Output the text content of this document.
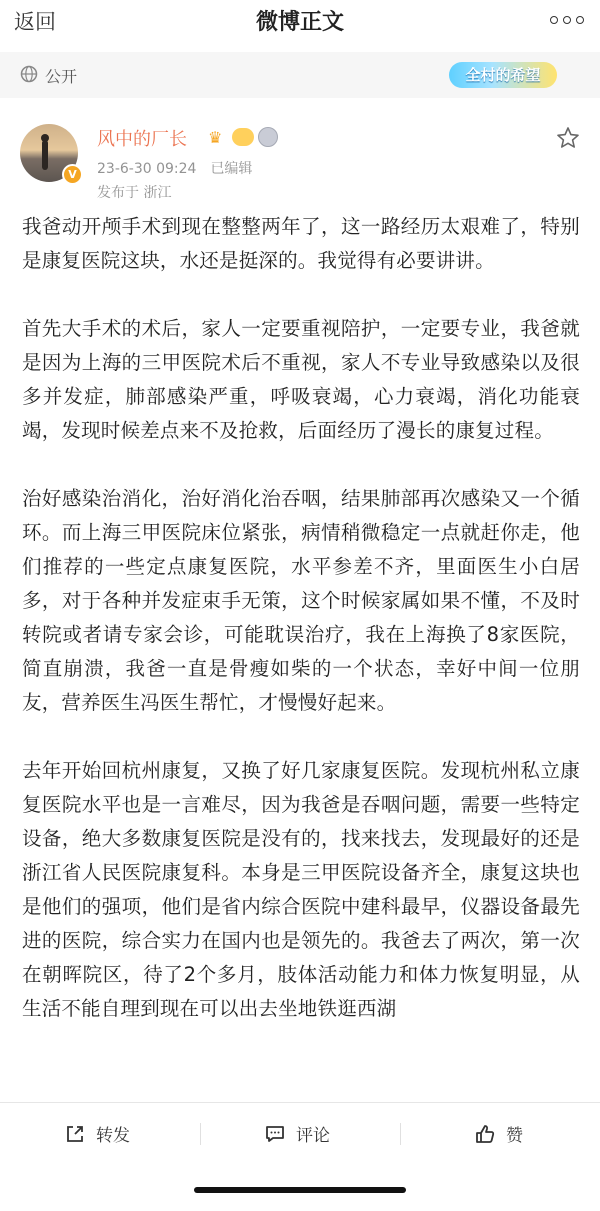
返回	微博正文
公开	全村的希望
V
风中的厂长 ♛
23-6-30 09:24 已编辑
发布于 浙江

我爸动开颅手术到现在整整两年了，这一路经历太艰难了，特别是康复医院这块，水还是挺深的。我觉得有必要讲讲。

首先大手术的术后，家人一定要重视陪护，一定要专业，我爸就是因为上海的三甲医院术后不重视，家人不专业导致感染以及很多并发症，肺部感染严重，呼吸衰竭，心力衰竭，消化功能衰竭，发现时候差点来不及抢救，后面经历了漫长的康复过程。

治好感染治消化，治好消化治吞咽，结果肺部再次感染又一个循环。而上海三甲医院床位紧张，病情稍微稳定一点就赶你走，他们推荐的一些定点康复医院，水平参差不齐，里面医生小白居多，对于各种并发症束手无策，这个时候家属如果不懂，不及时转院或者请专家会诊，可能耽误治疗，我在上海换了8家医院，简直崩溃，我爸一直是骨瘦如柴的一个状态，幸好中间一位朋友，营养医生冯医生帮忙，才慢慢好起来。

去年开始回杭州康复，又换了好几家康复医院。发现杭州私立康复医院水平也是一言难尽，因为我爸是吞咽问题，需要一些特定设备，绝大多数康复医院是没有的，找来找去，发现最好的还是浙江省人民医院康复科。本身是三甲医院设备齐全，康复这块也是他们的强项，他们是省内综合医院中建科最早，仪器设备最先进的医院，综合实力在国内也是领先的。我爸去了两次，第一次在朝晖院区，待了2个多月，肢体活动能力和体力恢复明显，从生活不能自理到现在可以出去坐地铁逛西湖

转发	评论	赞
